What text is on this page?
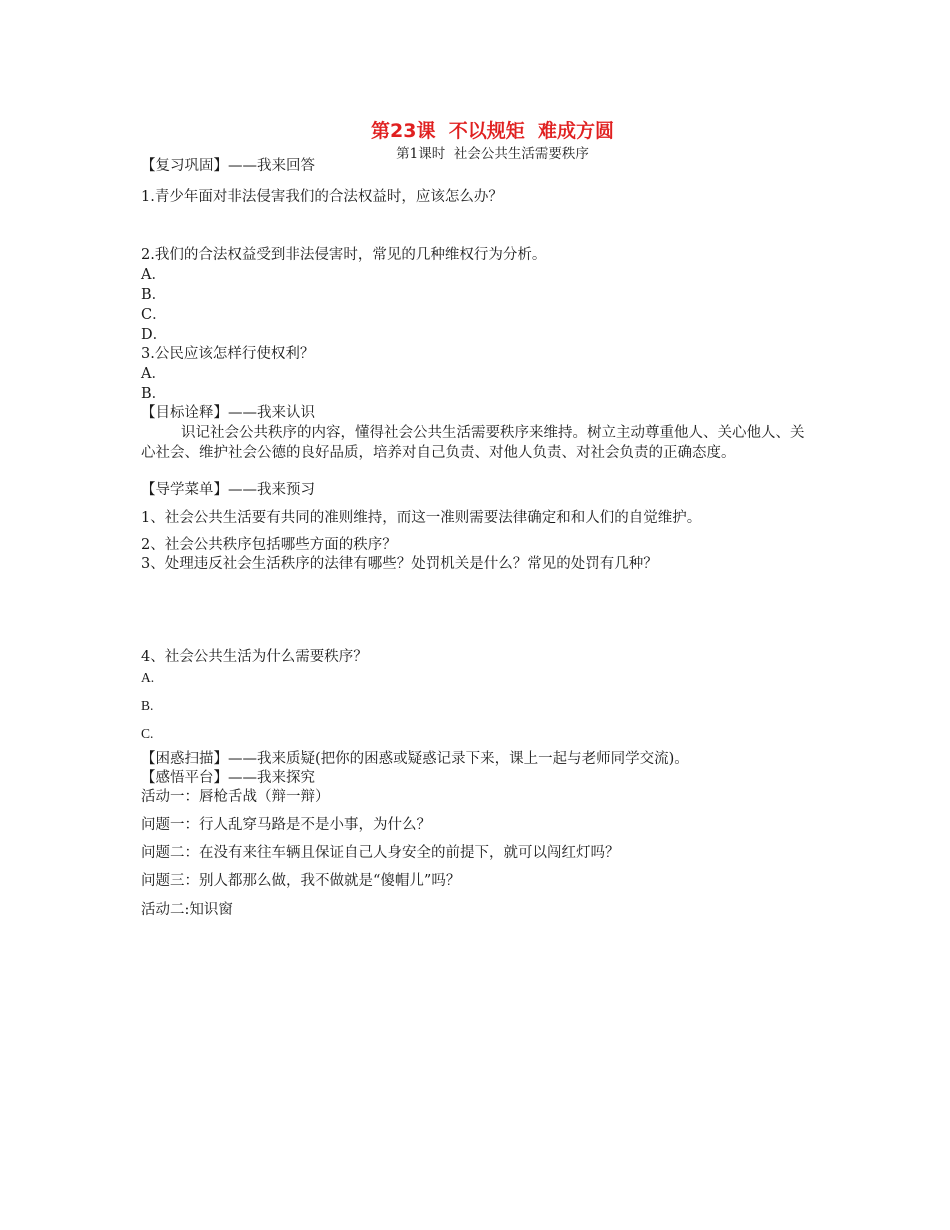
第23课  不以规矩  难成方圆
第1课时  社会公共生活需要秩序
【复习巩固】——我来回答
1.青少年面对非法侵害我们的合法权益时，应该怎么办？
2.我们的合法权益受到非法侵害时，常见的几种维权行为分析。
A．
B．
C．
D．
3.公民应该怎样行使权利？
A．
B．
【目标诠释】——我来认识
识记社会公共秩序的内容，懂得社会公共生活需要秩序来维持。树立主动尊重他人、关心他人、关心社会、维护社会公德的良好品质，培养对自己负责、对他人负责、对社会负责的正确态度。
【导学菜单】——我来预习
1、社会公共生活要有共同的准则维持，而这一准则需要法律确定和和人们的自觉维护。
2、社会公共秩序包括哪些方面的秩序？
3、处理违反社会生活秩序的法律有哪些？处罚机关是什么？常见的处罚有几种？
4、社会公共生活为什么需要秩序？
A.
B.
C.
【困惑扫描】——我来质疑(把你的困惑或疑惑记录下来，课上一起与老师同学交流)。
【感悟平台】——我来探究
活动一：唇枪舌战（辩一辩）
问题一：行人乱穿马路是不是小事，为什么？
问题二：在没有来往车辆且保证自己人身安全的前提下，就可以闯红灯吗？
问题三：别人都那么做，我不做就是“傻帽儿”吗？
活动二:知识窗
